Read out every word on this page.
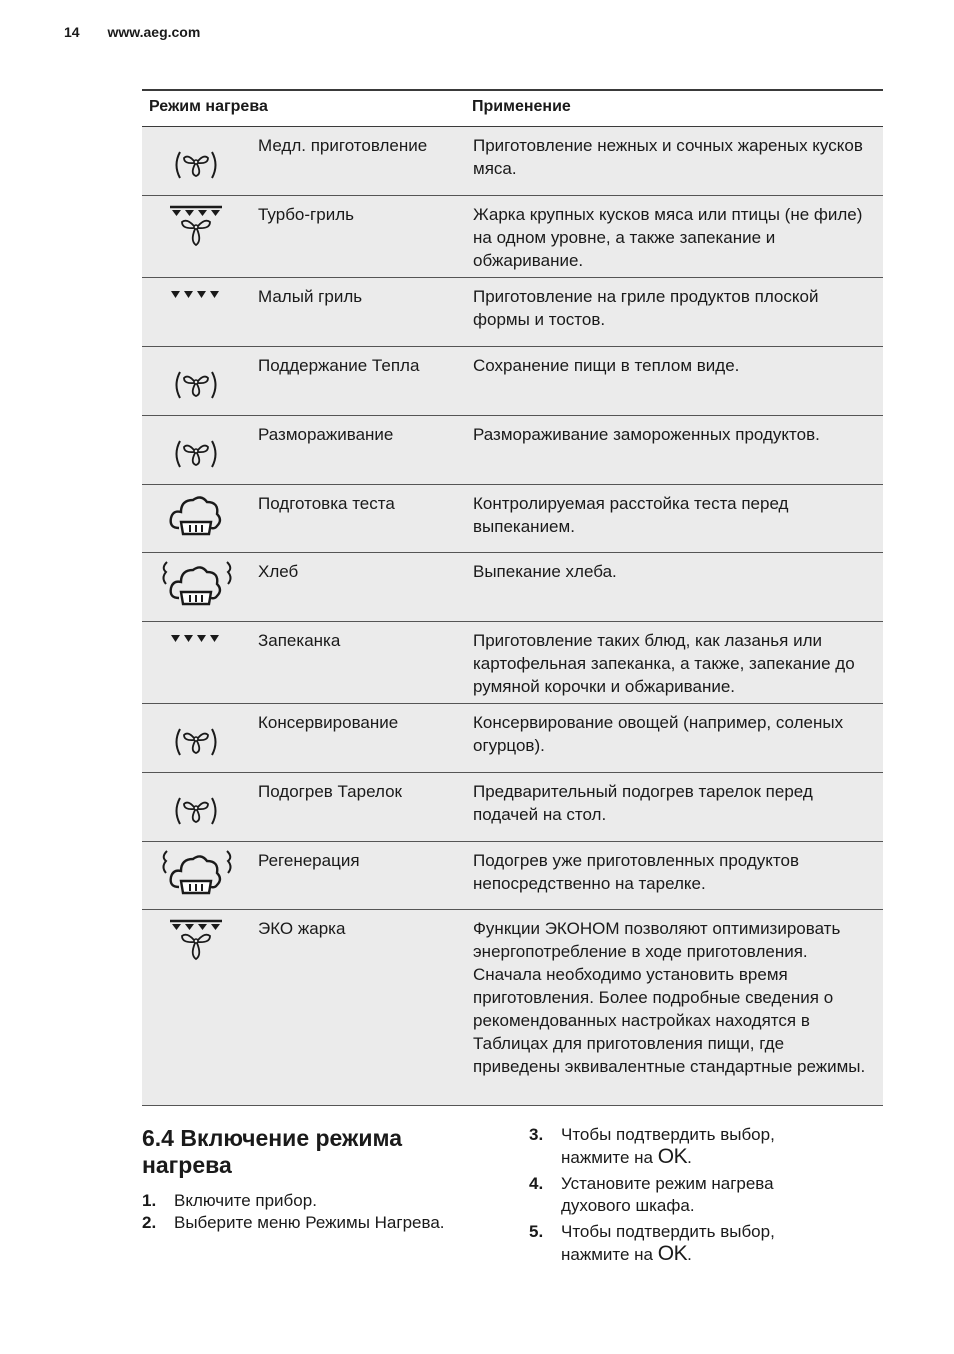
14 www.aeg.com
Режим нагрева	Применение
Медл. приготовление	Приготовление нежных и сочных жареных кусков мяса.
Турбо-гриль	Жарка крупных кусков мяса или птицы (не филе) на одном уровне, а также запекание и обжаривание.
Малый гриль	Приготовление на гриле продуктов плоской формы и тостов.
Поддержание Тепла	Сохранение пищи в теплом виде.
Размораживание	Размораживание замороженных продуктов.
Подготовка теста	Контролируемая расстойка теста перед выпеканием.
Хлеб	Выпекание хлеба.
Запеканка	Приготовление таких блюд, как лазанья или картофельная запеканка, а также, запекание до румяной корочки и обжаривание.
Консервирование	Консервирование овощей (например, соленых огурцов).
Подогрев Тарелок	Предварительный подогрев тарелок перед подачей на стол.
Регенерация	Подогрев уже приготовленных продуктов непосредственно на тарелке.
ЭКО жарка	Функции ЭКОНОМ позволяют оптимизировать энергопотребление в ходе приготовления. Сначала необходимо установить время приготовления. Более подробные сведения о рекомендованных настройках находятся в Таблицах для приготовления пищи, где приведены эквивалентные стандартные режимы.
6.4 Включение режима нагрева
1.	Включите прибор.
2.	Выберите меню Режимы Нагрева.
3.	Чтобы подтвердить выбор, нажмите на OK.
4.	Установите режим нагрева духового шкафа.
5.	Чтобы подтвердить выбор, нажмите на OK.
